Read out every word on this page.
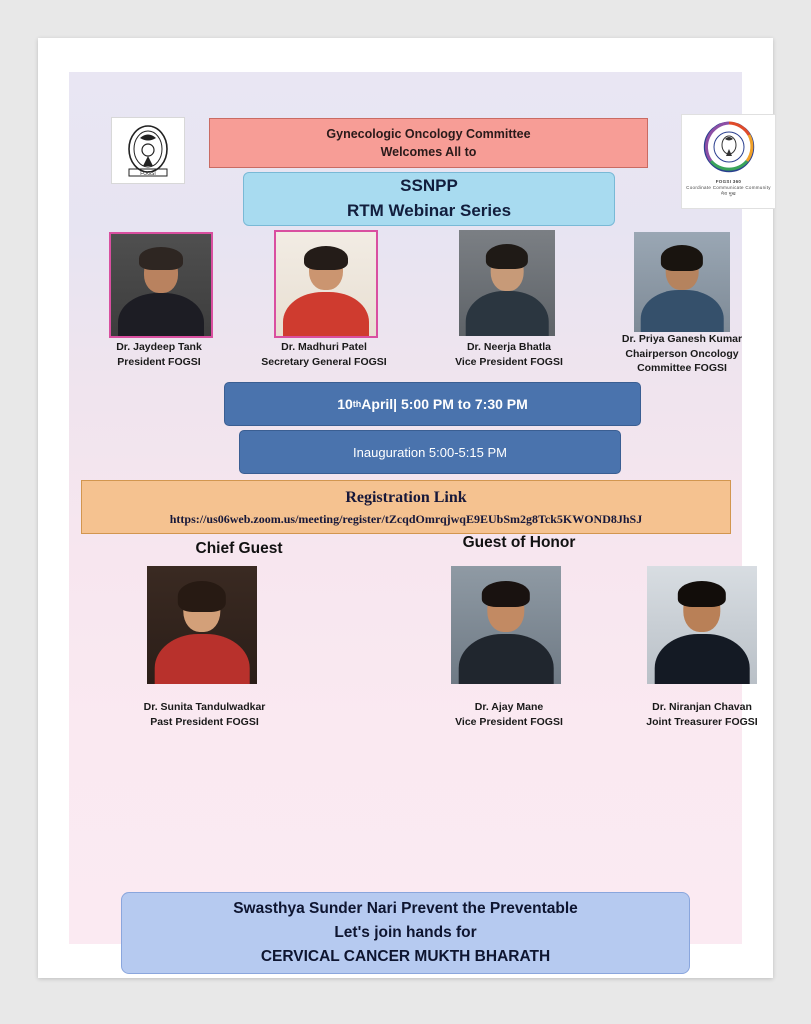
FOGSI
Gynecologic Oncology Committee
Welcomes All to
FOGSI 360
Coordinate Communicate Community
मेरा मुख
SSNPP
RTM Webinar Series
Dr. Jaydeep Tank
President FOGSI
Dr. Madhuri Patel
Secretary General FOGSI
Dr. Neerja Bhatla
Vice President FOGSI
Dr. Priya Ganesh Kumar
Chairperson Oncology
Committee FOGSI
10 th April| 5:00 PM to 7:30 PM
Inauguration 5:00-5:15 PM
Registration Link
https://us06web.zoom.us/meeting/register/tZcqdOmrqjwqE9EUbSm2g8Tck5KWOND8JhSJ
Chief Guest	Guest of Honor
Dr. Sunita Tandulwadkar
Past President FOGSI
Dr. Ajay Mane
Vice President FOGSI
Dr. Niranjan Chavan
Joint Treasurer FOGSI
Swasthya Sunder Nari Prevent the Preventable
Let's join hands for
CERVICAL CANCER MUKTH BHARATH
